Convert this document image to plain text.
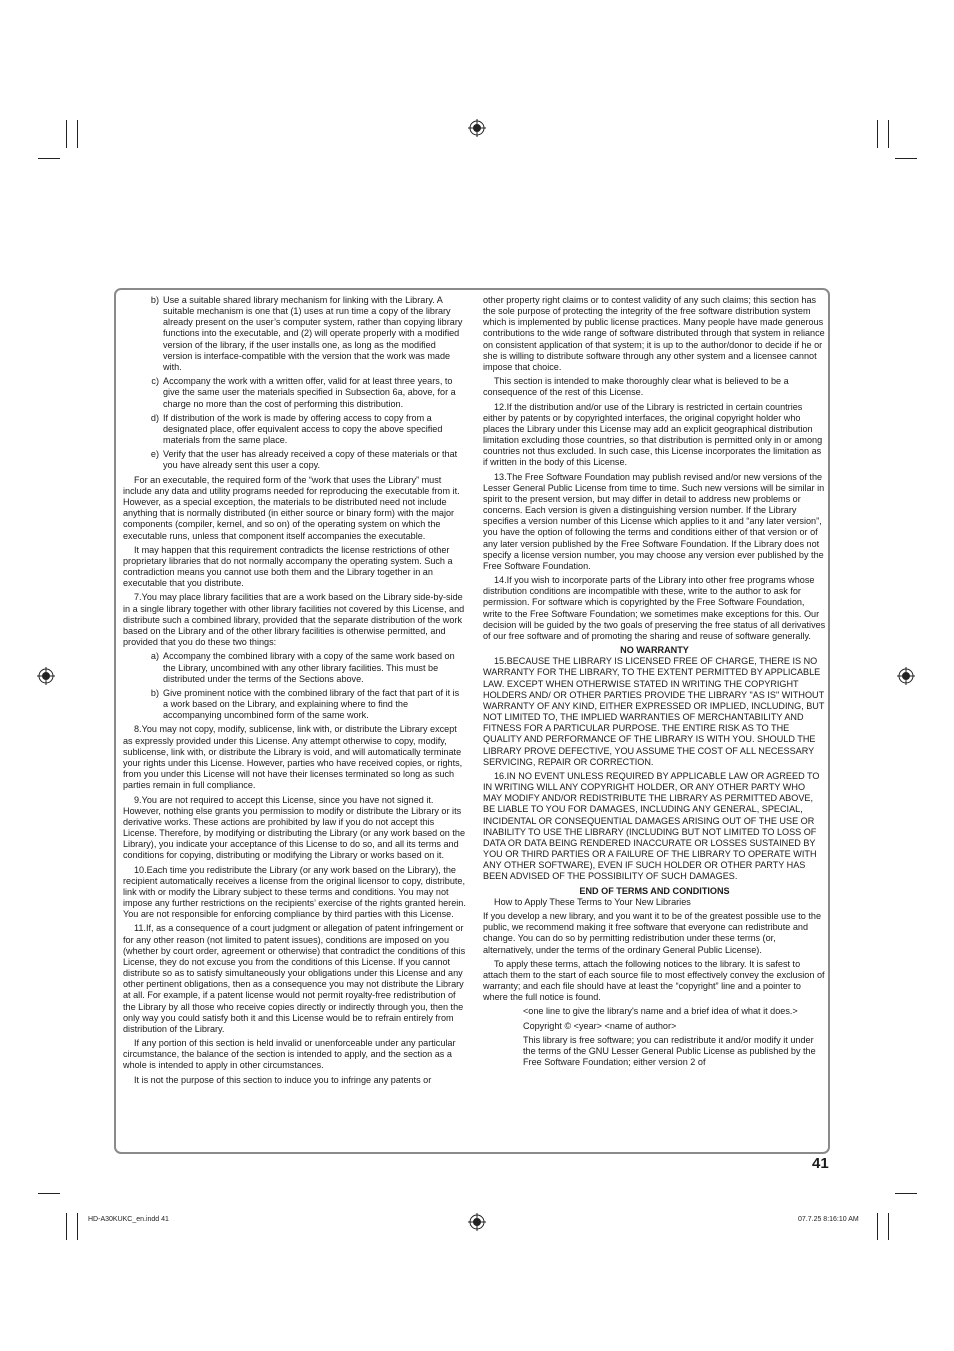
b) Use a suitable shared library mechanism for linking with the Library. A suitable mechanism is one that (1) uses at run time a copy of the library already present on the user’s computer system, rather than copying library functions into the executable, and (2) will operate properly with a modified version of the library, if the user installs one, as long as the modified version is interface-compatible with the version that the work was made with.
c) Accompany the work with a written offer, valid for at least three years, to give the same user the materials specified in Subsection 6a, above, for a charge no more than the cost of performing this distribution.
d) If distribution of the work is made by offering access to copy from a designated place, offer equivalent access to copy the above specified materials from the same place.
e) Verify that the user has already received a copy of these materials or that you have already sent this user a copy.

For an executable, the required form of the “work that uses the Library” must include any data and utility programs needed for reproducing the executable from it. However, as a special exception, the materials to be distributed need not include anything that is normally distributed (in either source or binary form) with the major components (compiler, kernel, and so on) of the operating system on which the executable runs, unless that component itself accompanies the executable.

It may happen that this requirement contradicts the license restrictions of other proprietary libraries that do not normally accompany the operating system. Such a contradiction means you cannot use both them and the Library together in an executable that you distribute.

7.You may place library facilities that are a work based on the Library side-by-side in a single library together with other library facilities not covered by this License, and distribute such a combined library, provided that the separate distribution of the work based on the Library and of the other library facilities is otherwise permitted, and provided that you do these two things:

a) Accompany the combined library with a copy of the same work based on the Library, uncombined with any other library facilities. This must be distributed under the terms of the Sections above.
b) Give prominent notice with the combined library of the fact that part of it is a work based on the Library, and explaining where to find the accompanying uncombined form of the same work.

8.You may not copy, modify, sublicense, link with, or distribute the Library except as expressly provided under this License. Any attempt otherwise to copy, modify, sublicense, link with, or distribute the Library is void, and will automatically terminate your rights under this License. However, parties who have received copies, or rights, from you under this License will not have their licenses terminated so long as such parties remain in full compliance.

9.You are not required to accept this License, since you have not signed it. However, nothing else grants you permission to modify or distribute the Library or its derivative works. These actions are prohibited by law if you do not accept this License. Therefore, by modifying or distributing the Library (or any work based on the Library), you indicate your acceptance of this License to do so, and all its terms and conditions for copying, distributing or modifying the Library or works based on it.

10.Each time you redistribute the Library (or any work based on the Library), the recipient automatically receives a license from the original licensor to copy, distribute, link with or modify the Library subject to these terms and conditions. You may not impose any further restrictions on the recipients’ exercise of the rights granted herein. You are not responsible for enforcing compliance by third parties with this License.

11.If, as a consequence of a court judgment or allegation of patent infringement or for any other reason (not limited to patent issues), conditions are imposed on you (whether by court order, agreement or otherwise) that contradict the conditions of this License, they do not excuse you from the conditions of this License. If you cannot distribute so as to satisfy simultaneously your obligations under this License and any other pertinent obligations, then as a consequence you may not distribute the Library at all. For example, if a patent license would not permit royalty-free redistribution of the Library by all those who receive copies directly or indirectly through you, then the only way you could satisfy both it and this License would be to refrain entirely from distribution of the Library.

If any portion of this section is held invalid or unenforceable under any particular circumstance, the balance of the section is intended to apply, and the section as a whole is intended to apply in other circumstances.

It is not the purpose of this section to induce you to infringe any patents or

other property right claims or to contest validity of any such claims; this section has the sole purpose of protecting the integrity of the free software distribution system which is implemented by public license practices. Many people have made generous contributions to the wide range of software distributed through that system in reliance on consistent application of that system; it is up to the author/donor to decide if he or she is willing to distribute software through any other system and a licensee cannot impose that choice.

This section is intended to make thoroughly clear what is believed to be a consequence of the rest of this License.

12.If the distribution and/or use of the Library is restricted in certain countries either by patents or by copyrighted interfaces, the original copyright holder who places the Library under this License may add an explicit geographical distribution limitation excluding those countries, so that distribution is permitted only in or among countries not thus excluded. In such case, this License incorporates the limitation as if written in the body of this License.

13.The Free Software Foundation may publish revised and/or new versions of the Lesser General Public License from time to time. Such new versions will be similar in spirit to the present version, but may differ in detail to address new problems or concerns. Each version is given a distinguishing version number. If the Library specifies a version number of this License which applies to it and “any later version”, you have the option of following the terms and conditions either of that version or of any later version published by the Free Software Foundation. If the Library does not specify a license version number, you may choose any version ever published by the Free Software Foundation.

14.If you wish to incorporate parts of the Library into other free programs whose distribution conditions are incompatible with these, write to the author to ask for permission. For software which is copyrighted by the Free Software Foundation, write to the Free Software Foundation; we sometimes make exceptions for this. Our decision will be guided by the two goals of preserving the free status of all derivatives of our free software and of promoting the sharing and reuse of software generally.

NO WARRANTY

15.BECAUSE THE LIBRARY IS LICENSED FREE OF CHARGE, THERE IS NO WARRANTY FOR THE LIBRARY, TO THE EXTENT PERMITTED BY APPLICABLE LAW. EXCEPT WHEN OTHERWISE STATED IN WRITING THE COPYRIGHT HOLDERS AND/ OR OTHER PARTIES PROVIDE THE LIBRARY "AS IS" WITHOUT WARRANTY OF ANY KIND, EITHER EXPRESSED OR IMPLIED, INCLUDING, BUT NOT LIMITED TO, THE IMPLIED WARRANTIES OF MERCHANTABILITY AND FITNESS FOR A PARTICULAR PURPOSE. THE ENTIRE RISK AS TO THE QUALITY AND PERFORMANCE OF THE LIBRARY IS WITH YOU. SHOULD THE LIBRARY PROVE DEFECTIVE, YOU ASSUME THE COST OF ALL NECESSARY SERVICING, REPAIR OR CORRECTION.

16.IN NO EVENT UNLESS REQUIRED BY APPLICABLE LAW OR AGREED TO IN WRITING WILL ANY COPYRIGHT HOLDER, OR ANY OTHER PARTY WHO MAY MODIFY AND/OR REDISTRIBUTE THE LIBRARY AS PERMITTED ABOVE, BE LIABLE TO YOU FOR DAMAGES, INCLUDING ANY GENERAL, SPECIAL, INCIDENTAL OR CONSEQUENTIAL DAMAGES ARISING OUT OF THE USE OR INABILITY TO USE THE LIBRARY (INCLUDING BUT NOT LIMITED TO LOSS OF DATA OR DATA BEING RENDERED INACCURATE OR LOSSES SUSTAINED BY YOU OR THIRD PARTIES OR A FAILURE OF THE LIBRARY TO OPERATE WITH ANY OTHER SOFTWARE), EVEN IF SUCH HOLDER OR OTHER PARTY HAS BEEN ADVISED OF THE POSSIBILITY OF SUCH DAMAGES.

END OF TERMS AND CONDITIONS

How to Apply These Terms to Your New Libraries

If you develop a new library, and you want it to be of the greatest possible use to the public, we recommend making it free software that everyone can redistribute and change. You can do so by permitting redistribution under these terms (or, alternatively, under the terms of the ordinary General Public License).

To apply these terms, attach the following notices to the library. It is safest to attach them to the start of each source file to most effectively convey the exclusion of warranty; and each file should have at least the “copyright” line and a pointer to where the full notice is found.

<one line to give the library's name and a brief idea of what it does.>

Copyright © <year> <name of author>

This library is free software; you can redistribute it and/or modify it under the terms of the GNU Lesser General Public License as published by the Free Software Foundation; either version 2 of

41
HD-A30KUKC_en.indd 41	07.7.25 8:16:10 AM
